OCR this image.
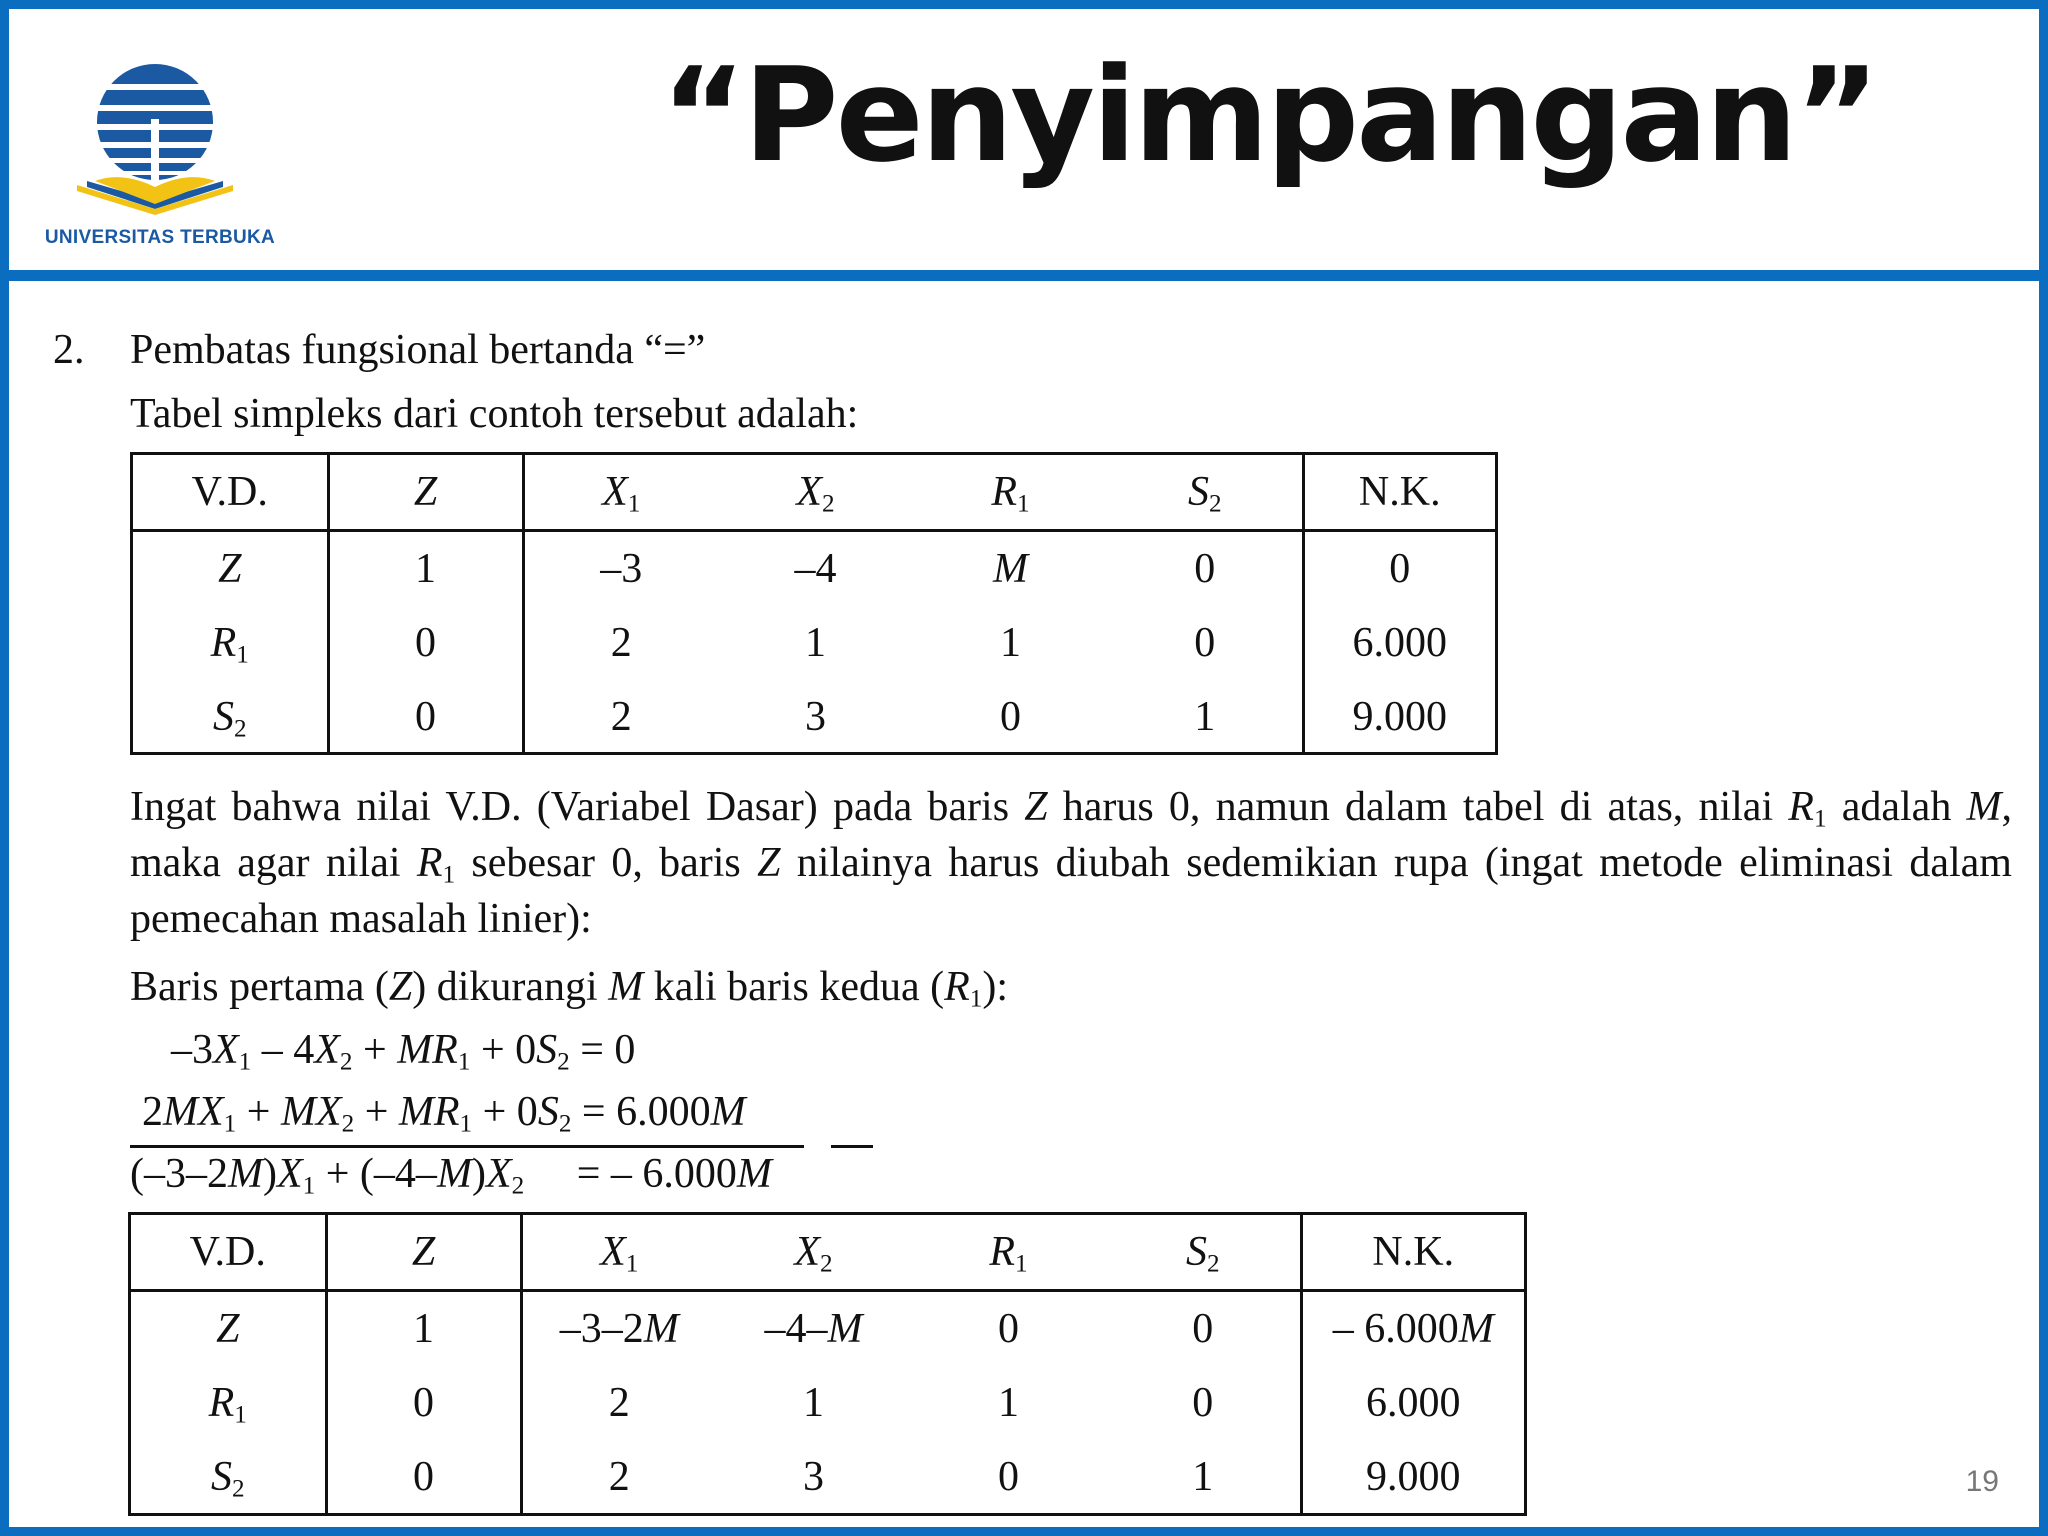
UNIVERSITAS TERBUKA
“Penyimpangan”
2. Pembatas fungsional bertanda “=”
Tabel simpleks dari contoh tersebut adalah:
V.D.	Z	$X_1$	$X_2$	$R_1$	$S_2$	N.K.
Z	1	–3	–4	M	0	0
$R_1$	0	2	1	1	0	6.000
$S_2$	0	2	3	0	1	9.000
Ingat bahwa nilai V.D. (Variabel Dasar) pada baris Z harus 0, namun dalam tabel di atas, nilai $R_1$ adalah M, maka agar nilai $R_1$ sebesar 0, baris Z nilainya harus diubah sedemikian rupa (ingat metode eliminasi dalam pemecahan masalah linier):
Baris pertama (Z) dikurangi M kali baris kedua $(R_1)$:
$-3X_1 - 4X_2 + MR_1 + 0S_2 = 0$
$2MX_1 + MX_2 + MR_1 + 0S_2 = 6.000M$
$(-3-2M)X_1 + (-4-M)X_2$     = – 6.000M
V.D.	Z	$X_1$	$X_2$	$R_1$	$S_2$	N.K.
Z	1	–3–2M	–4–M	0	0	– 6.000M
$R_1$	0	2	1	1	0	6.000
$S_2$	0	2	3	0	1	9.000	19
